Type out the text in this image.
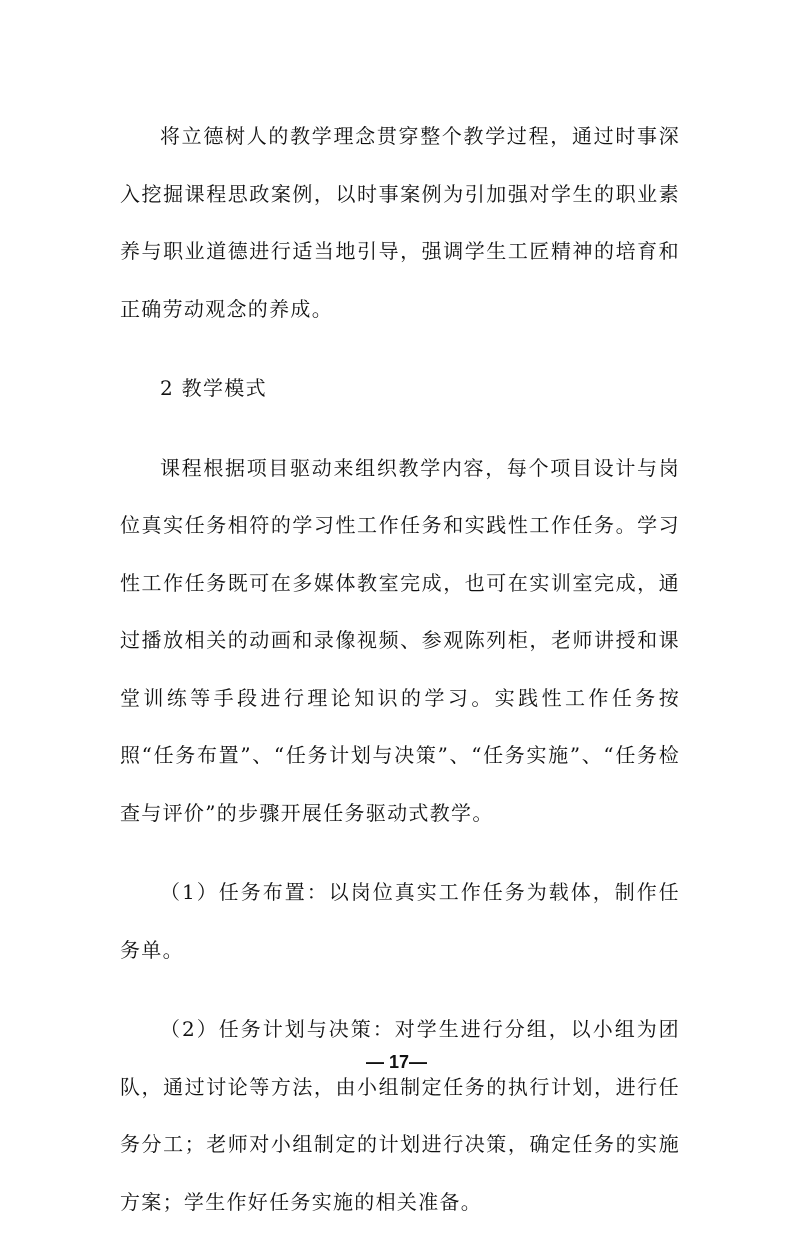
将立德树人的教学理念贯穿整个教学过程，通过时事深入挖掘课程思政案例，以时事案例为引加强对学生的职业素养与职业道德进行适当地引导，强调学生工匠精神的培育和正确劳动观念的养成。

2 教学模式

课程根据项目驱动来组织教学内容，每个项目设计与岗位真实任务相符的学习性工作任务和实践性工作任务。学习性工作任务既可在多媒体教室完成，也可在实训室完成，通过播放相关的动画和录像视频、参观陈列柜，老师讲授和课堂训练等手段进行理论知识的学习。实践性工作任务按照“任务布置”、“任务计划与决策”、“任务实施”、“任务检查与评价”的步骤开展任务驱动式教学。

（1）任务布置：以岗位真实工作任务为载体，制作任务单。

（2）任务计划与决策：对学生进行分组，以小组为团队，通过讨论等方法，由小组制定任务的执行计划，进行任务分工；老师对小组制定的计划进行决策，确定任务的实施方案；学生作好任务实施的相关准备。

— 17—
